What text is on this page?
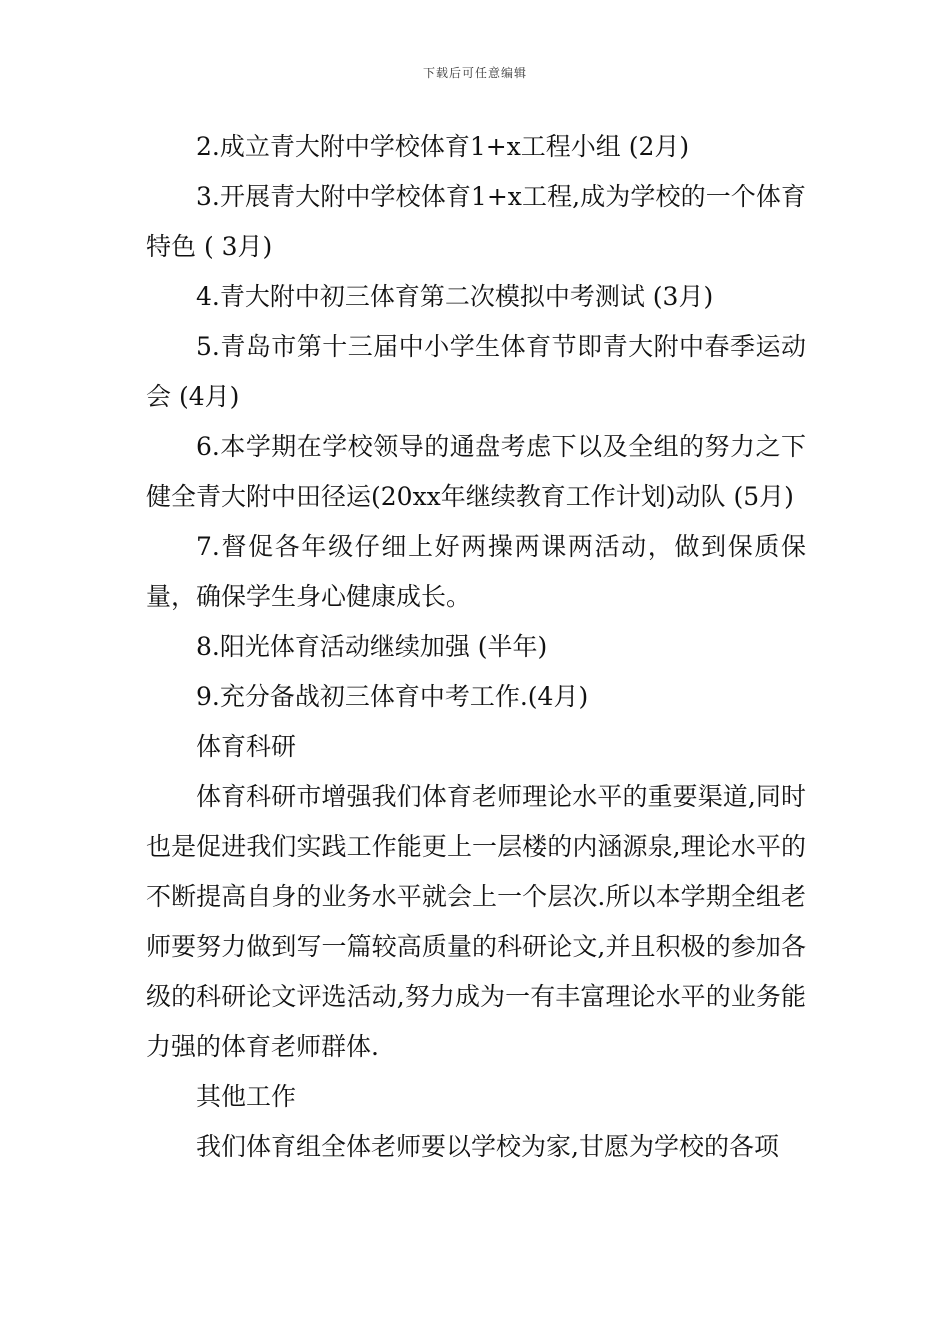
下载后可任意编辑

2.成立青大附中学校体育1+x工程小组 (2月)

3.开展青大附中学校体育1+x工程,成为学校的一个体育特色 ( 3月)

4.青大附中初三体育第二次模拟中考测试 (3月)

5.青岛市第十三届中小学生体育节即青大附中春季运动会 (4月)

6.本学期在学校领导的通盘考虑下以及全组的努力之下健全青大附中田径运(20xx年继续教育工作计划)动队 (5月)

7.督促各年级仔细上好两操两课两活动，做到保质保量，确保学生身心健康成长。

8.阳光体育活动继续加强 (半年)

9.充分备战初三体育中考工作.(4月)

体育科研

体育科研市增强我们体育老师理论水平的重要渠道,同时也是促进我们实践工作能更上一层楼的内涵源泉,理论水平的不断提高自身的业务水平就会上一个层次.所以本学期全组老师要努力做到写一篇较高质量的科研论文,并且积极的参加各级的科研论文评选活动,努力成为一有丰富理论水平的业务能力强的体育老师群体.

其他工作

我们体育组全体老师要以学校为家,甘愿为学校的各项
